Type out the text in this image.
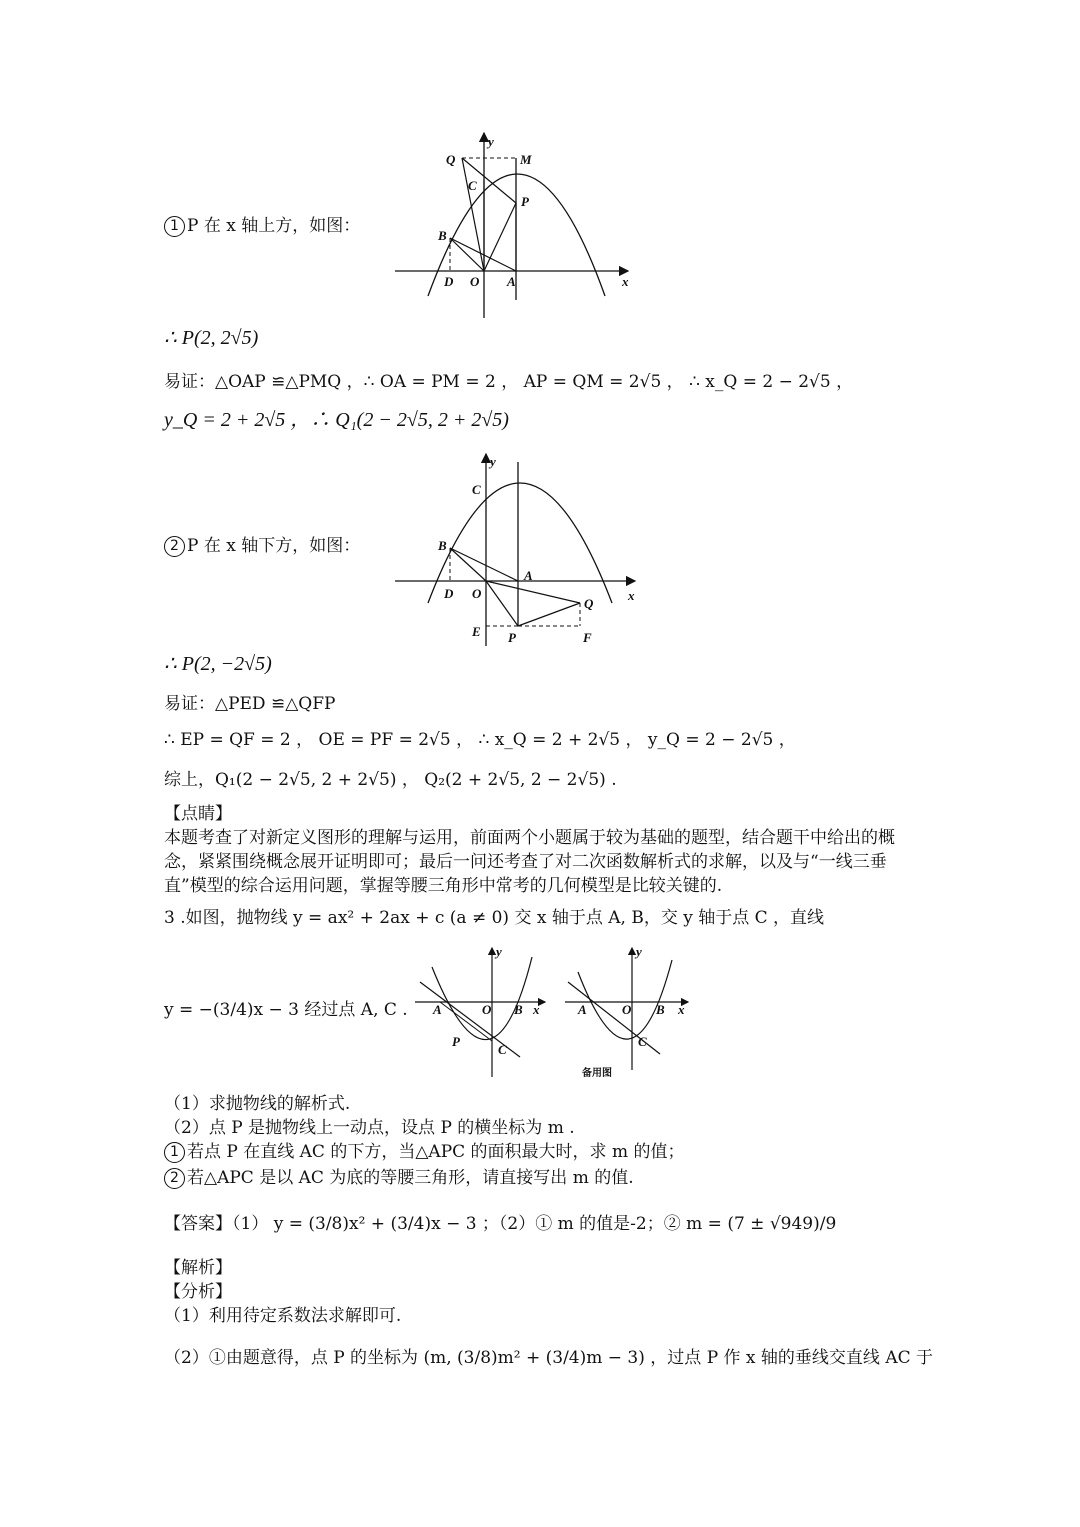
1 P 在 x 轴上方，如图：
Q	M
y
C
P
B
D O A	x
∴ P(2, 2√5)
易证：△OAP ≌△PMQ ，∴ OA = PM = 2 ， AP = QM = 2√5 ， ∴ x_Q = 2 − 2√5 ，
y_Q = 2 + 2√5 ，∴ Q₁(2 − 2√5, 2 + 2√5)
2 P 在 x 轴下方，如图：
y
C
B
A
D O	x
Q
E P	F
∴ P(2, −2√5)
易证：△PED ≌△QFP
∴ EP = QF = 2 ， OE = PF = 2√5 ， ∴ x_Q = 2 + 2√5 ， y_Q = 2 − 2√5 ，
综上，Q₁(2 − 2√5, 2 + 2√5) ， Q₂(2 + 2√5, 2 − 2√5) .
【点睛】
本题考查了对新定义图形的理解与运用，前面两个小题属于较为基础的题型，结合题干中给出的概念，紧紧围绕概念展开证明即可；最后一问还考查了对二次函数解析式的求解，以及与“一线三垂直”模型的综合运用问题，掌握等腰三角形中常考的几何模型是比较关键的.
3 .如图，抛物线 y = ax² + 2ax + c (a ≠ 0) 交 x 轴于点 A, B，交 y 轴于点 C ，直线
y = −(3/4)x − 3 经过点 A, C .
y
A	O B x
P
C
y
A	O B x
C
备用图
（1）求抛物线的解析式.
（2）点 P 是抛物线上一动点，设点 P 的横坐标为 m .
1 若点 P 在直线 AC 的下方，当△APC 的面积最大时，求 m 的值；
2 若△APC 是以 AC 为底的等腰三角形，请直接写出 m 的值.
【答案】（1） y = (3/8)x² + (3/4)x − 3 ；（2）① m 的值是-2；② m = (7 ± √949)/9
【解析】
【分析】
（1）利用待定系数法求解即可.
（2）①由题意得，点 P 的坐标为 (m, (3/8)m² + (3/4)m − 3) ，过点 P 作 x 轴的垂线交直线 AC 于
